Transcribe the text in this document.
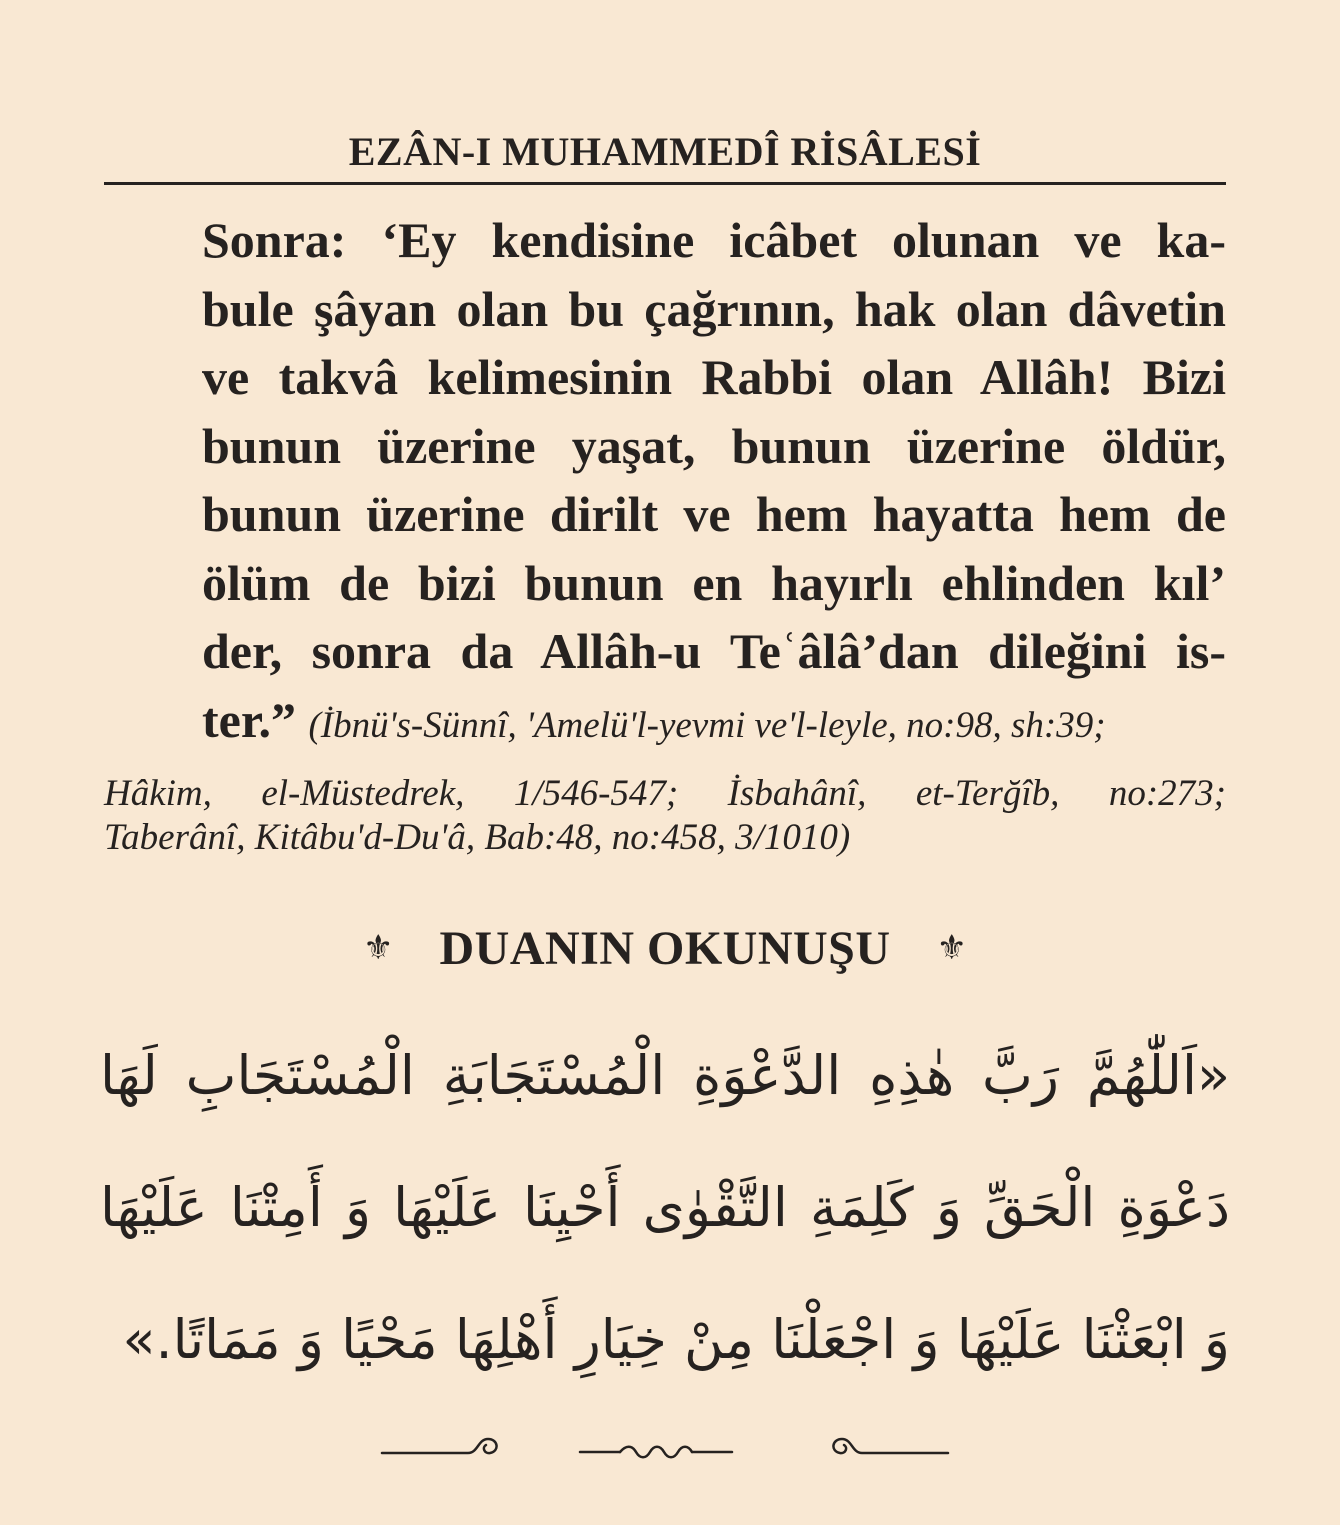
EZÂN-I MUHAMMEDÎ RİSÂLESİ
Sonra: ‘Ey kendisine icâbet olunan ve ka-
bule şâyan olan bu çağrının, hak olan dâvetin
ve takvâ kelimesinin Rabbi olan Allâh! Bizi
bunun üzerine yaşat, bunun üzerine öldür,
bunun üzerine dirilt ve hem hayatta hem de
ölüm de bizi bunun en hayırlı ehlinden kıl’
der, sonra da Allâh-u Teʿâlâ’dan dileğini is-
ter.” (İbnü's-Sünnî, 'Amelü'l-yevmi ve'l-leyle, no:98, sh:39;
Hâkim, el-Müstedrek, 1/546-547; İsbahânî, et-Terğîb, no:273;
Taberânî, Kitâbu'd-Du'â, Bab:48, no:458, 3/1010)
⚜ DUANIN OKUNUŞU ⚜
«اَللّٰهُمَّ رَبَّ هٰذِهِ الدَّعْوَةِ الْمُسْتَجَابَةِ الْمُسْتَجَابِ لَهَا
دَعْوَةِ الْحَقِّ وَ كَلِمَةِ التَّقْوٰى أَحْيِنَا عَلَيْهَا وَ أَمِتْنَا عَلَيْهَا
وَ ابْعَثْنَا عَلَيْهَا وَ اجْعَلْنَا مِنْ خِيَارِ أَهْلِهَا مَحْيًا وَ مَمَاتًا.»
